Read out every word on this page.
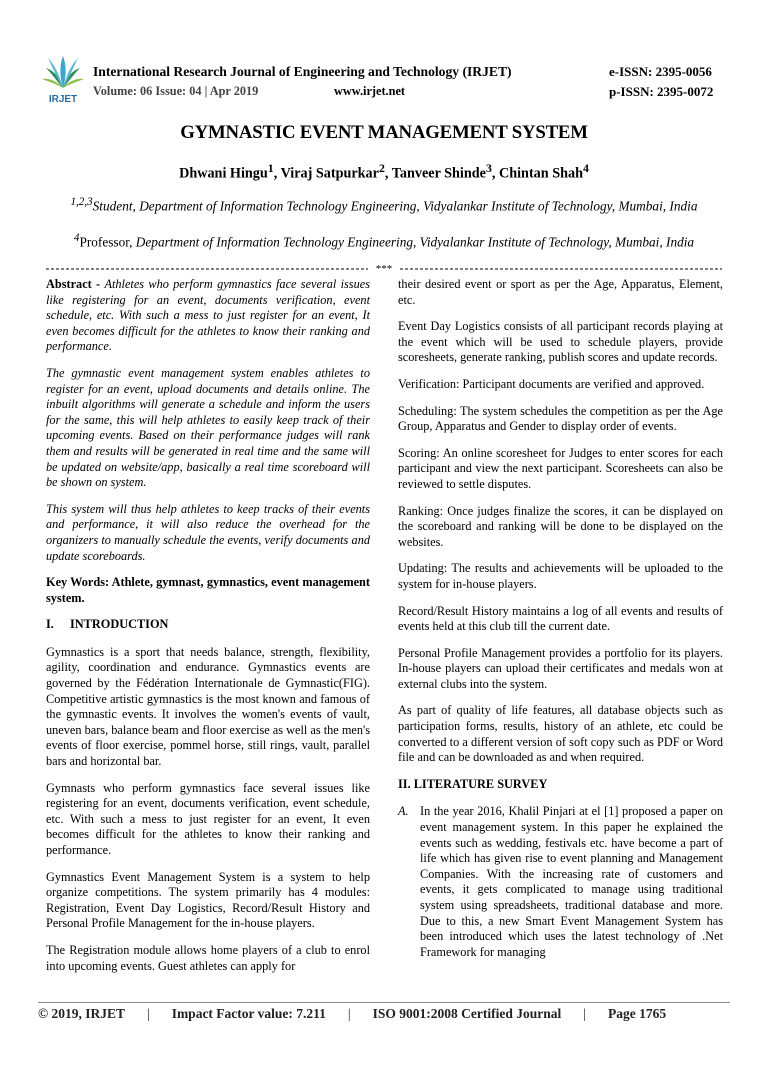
IRJET
International Research Journal of Engineering and Technology (IRJET)	e-ISSN: 2395-0056
Volume: 06 Issue: 04 | Apr 2019	www.irjet.net	p-ISSN: 2395-0072
GYMNASTIC EVENT MANAGEMENT SYSTEM
Dhwani Hingu$^1$, Viraj Satpurkar$^2$, Tanveer Shinde$^3$, Chintan Shah$^4$
$^{1,2,3}$Student, Department of Information Technology Engineering, Vidyalankar Institute of Technology, Mumbai, India
$^4$Professor, Department of Information Technology Engineering, Vidyalankar Institute of Technology, Mumbai, India
***

Abstract - Athletes who perform gymnastics face several issues like registering for an event, documents verification, event schedule, etc. With such a mess to just register for an event, It even becomes difficult for the athletes to know their ranking and performance.

The gymnastic event management system enables athletes to register for an event, upload documents and details online. The inbuilt algorithms will generate a schedule and inform the users for the same, this will help athletes to easily keep track of their upcoming events. Based on their performance judges will rank them and results will be generated in real time and the same will be updated on website/app, basically a real time scoreboard will be shown on system.

This system will thus help athletes to keep tracks of their events and performance, it will also reduce the overhead for the organizers to manually schedule the events, verify documents and update scoreboards.

Key Words: Athlete, gymnast, gymnastics, event management system.

I. INTRODUCTION

Gymnastics is a sport that needs balance, strength, flexibility, agility, coordination and endurance. Gymnastics events are governed by the Fédération Internationale de Gymnastic(FIG). Competitive artistic gymnastics is the most known and famous of the gymnastic events. It involves the women's events of vault, uneven bars, balance beam and floor exercise as well as the men's events of floor exercise, pommel horse, still rings, vault, parallel bars and horizontal bar.

Gymnasts who perform gymnastics face several issues like registering for an event, documents verification, event schedule, etc. With such a mess to just register for an event, It even becomes difficult for the athletes to know their ranking and performance.

Gymnastics Event Management System is a system to help organize competitions. The system primarily has 4 modules: Registration, Event Day Logistics, Record/Result History and Personal Profile Management for the in-house players.

The Registration module allows home players of a club to enrol into upcoming events. Guest athletes can apply for

their desired event or sport as per the Age, Apparatus, Element, etc.

Event Day Logistics consists of all participant records playing at the event which will be used to schedule players, provide scoresheets, generate ranking, publish scores and update records.

Verification: Participant documents are verified and approved.

Scheduling: The system schedules the competition as per the Age Group, Apparatus and Gender to display order of events.

Scoring: An online scoresheet for Judges to enter scores for each participant and view the next participant. Scoresheets can also be reviewed to settle disputes.

Ranking: Once judges finalize the scores, it can be displayed on the scoreboard and ranking will be done to be displayed on the websites.

Updating: The results and achievements will be uploaded to the system for in-house players.

Record/Result History maintains a log of all events and results of events held at this club till the current date.

Personal Profile Management provides a portfolio for its players. In-house players can upload their certificates and medals won at external clubs into the system.

As part of quality of life features, all database objects such as participation forms, results, history of an athlete, etc could be converted to a different version of soft copy such as PDF or Word file and can be downloaded as and when required.

II. LITERATURE SURVEY
A. In the year 2016, Khalil Pinjari at el [1] proposed a paper on event management system. In this paper he explained the events such as wedding, festivals etc. have become a part of life which has given rise to event planning and Management Companies. With the increasing rate of customers and events, it gets complicated to manage using traditional system using spreadsheets, traditional database and more. Due to this, a new Smart Event Management System has been introduced which uses the latest technology of .Net Framework for managing
© 2019, IRJET | Impact Factor value: 7.211 | ISO 9001:2008 Certified Journal | Page 1765
